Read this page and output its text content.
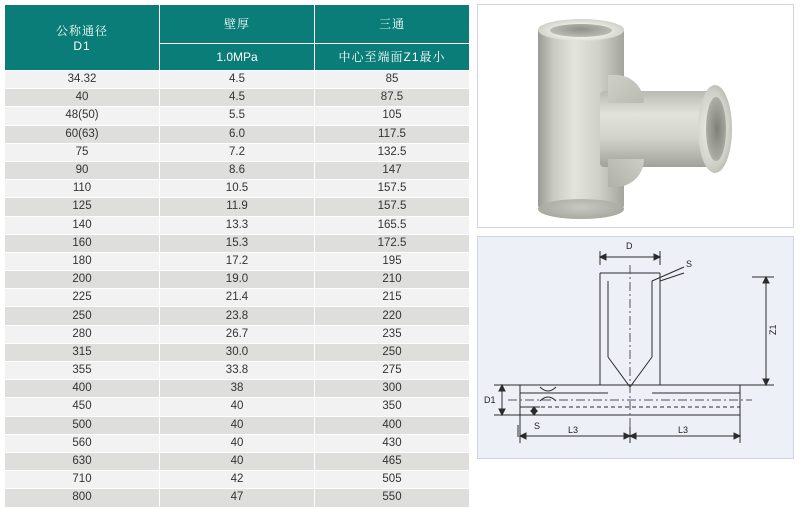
公称通径
D1	壁厚	三通
	1.0MPa	中心至端面Z1最小
34.32	4.5	85
40	4.5	87.5
48(50)	5.5	105
60(63)	6.0	117.5
75	7.2	132.5
90	8.6	147
110	10.5	157.5
125	11.9	157.5
140	13.3	165.5
160	15.3	172.5
180	17.2	195
200	19.0	210
225	21.4	215
250	23.8	220
280	26.7	235
315	30.0	250
355	33.8	275
400	38	300
450	40	350
500	40	400
560	40	430
630	40	465
710	42	505
800	47	550
D
S
D1
S	L3	L3
Z1
